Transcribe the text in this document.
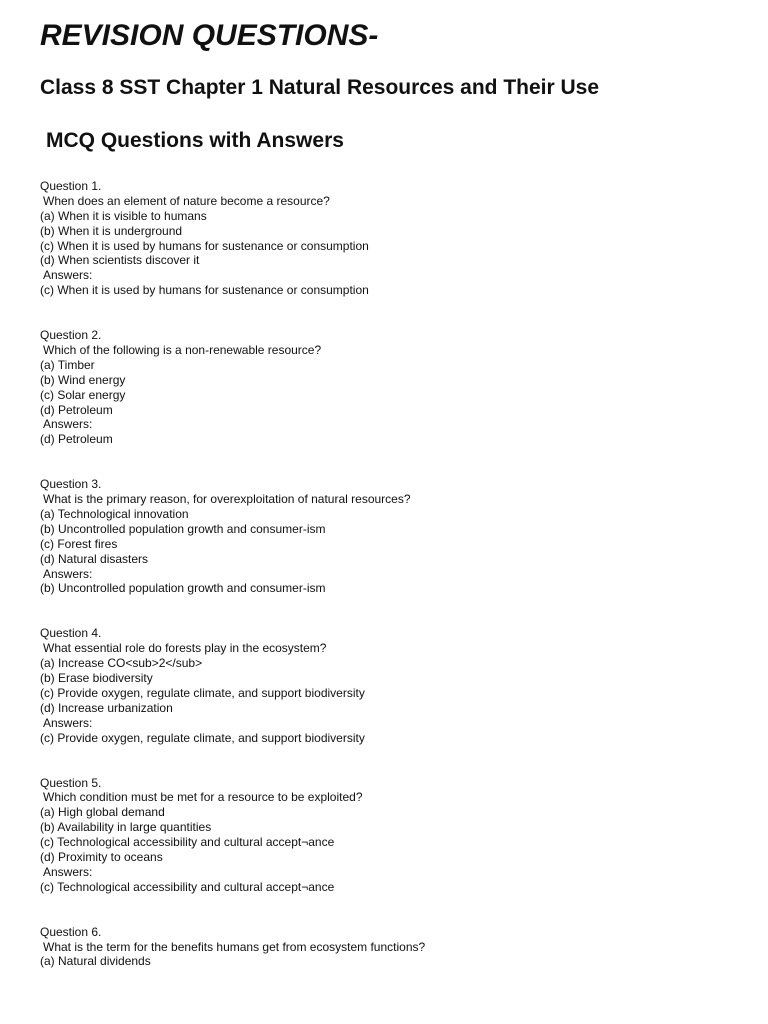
REVISION QUESTIONS-
Class 8 SST Chapter 1 Natural Resources and Their Use
MCQ Questions with Answers
Question 1.
When does an element of nature become a resource?
(a) When it is visible to humans
(b) When it is underground
(c) When it is used by humans for sustenance or consumption
(d) When scientists discover it
Answers:
(c) When it is used by humans for sustenance or consumption
Question 2.
Which of the following is a non-renewable resource?
(a) Timber
(b) Wind energy
(c) Solar energy
(d) Petroleum
Answers:
(d) Petroleum
Question 3.
What is the primary reason, for overexploitation of natural resources?
(a) Technological innovation
(b) Uncontrolled population growth and consumer-ism
(c) Forest fires
(d) Natural disasters
Answers:
(b) Uncontrolled population growth and consumer-ism
Question 4.
What essential role do forests play in the ecosystem?
(a) Increase CO<sub>2</sub>
(b) Erase biodiversity
(c) Provide oxygen, regulate climate, and support biodiversity
(d) Increase urbanization
Answers:
(c) Provide oxygen, regulate climate, and support biodiversity
Question 5.
Which condition must be met for a resource to be exploited?
(a) High global demand
(b) Availability in large quantities
(c) Technological accessibility and cultural accept¬ance
(d) Proximity to oceans
Answers:
(c) Technological accessibility and cultural accept¬ance
Question 6.
What is the term for the benefits humans get from ecosystem functions?
(a) Natural dividends
